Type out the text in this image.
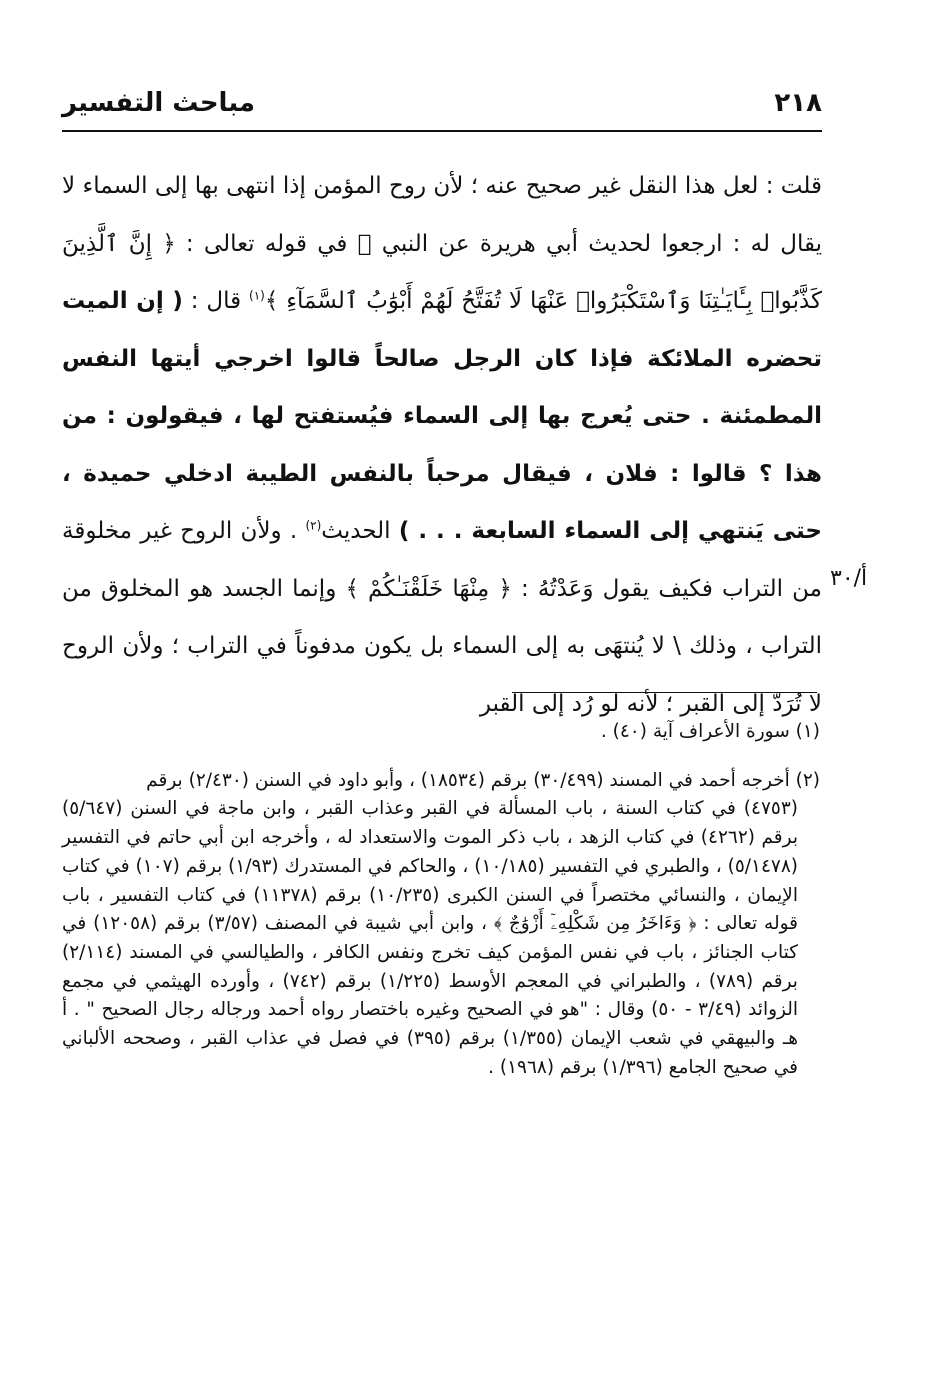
مباحث التفسير	٢١٨

قلت : لعل هذا النقل غير صحيح عنه ؛ لأن روح المؤمن إذا انتهى بها إلى السماء لا يقال له : ارجعوا لحديث أبي هريرة عن النبي ﷺ في قوله تعالى : ﴿ إِنَّ ٱلَّذِينَ كَذَّبُوا۟ بِـَٔايَـٰتِنَا وَٱسْتَكْبَرُوا۟ عَنْهَا لَا تُفَتَّحُ لَهُمْ أَبْوَٰبُ ٱلسَّمَآءِ ﴾$^{(١)}$ قال : ( إن الميت تحضره الملائكة فإذا كان الرجل صالحاً قالوا اخرجي أيتها النفس المطمئنة . حتى يُعرج بها إلى السماء فيُستفتح لها ، فيقولون : من هذا ؟ قالوا : فلان ، فيقال مرحباً بالنفس الطيبة ادخلي حميدة ، حتى يَنتهي إلى السماء السابعة . . . ) الحديث$^{(٢)}$ . ولأن الروح غير مخلوقة من التراب فكيف يقول وَعَدْتُهُ : ﴿ مِنْهَا خَلَقْنَـٰكُمْ ﴾ وإنما الجسد هو المخلوق من التراب ، وذلك \ لا يُنتهَى به إلى السماء بل يكون مدفوناً في التراب ؛ ولأن الروح لا تُرَدّ إلى القبر ؛ لأنه لو رُد إلى القبر

أ/٣٠

(١) سورة الأعراف آية (٤٠) .

(٢) أخرجه أحمد في المسند (٣٠/٤٩٩) برقم (١٨٥٣٤) ، وأبو داود في السنن (٢/٤٣٠) برقم

(٤٧٥٣) في كتاب السنة ، باب المسألة في القبر وعذاب القبر ، وابن ماجة في السنن (٥/٦٤٧) برقم (٤٢٦٢) في كتاب الزهد ، باب ذكر الموت والاستعداد له ، وأخرجه ابن أبي حاتم في التفسير (٥/١٤٧٨) ، والطبري في التفسير (١٠/١٨٥) ، والحاكم في المستدرك (١/٩٣) برقم (١٠٧) في كتاب الإيمان ، والنسائي مختصراً في السنن الكبرى (١٠/٢٣٥) برقم (١١٣٧٨) في كتاب التفسير ، باب قوله تعالى : ﴿ وَءَاخَرُ مِن شَكْلِهِۦٓ أَزْوَٰجٌ ﴾ ، وابن أبي شيبة في المصنف (٣/٥٧) برقم (١٢٠٥٨) في كتاب الجنائز ، باب في نفس المؤمن كيف تخرج ونفس الكافر ، والطيالسي في المسند (٢/١١٤) برقم (٧٨٩) ، والطبراني في المعجم الأوسط (١/٢٢٥) برقم (٧٤٢) ، وأورده الهيثمي في مجمع الزوائد (٣/٤٩ - ٥٠) وقال : "هو في الصحيح وغيره باختصار رواه أحمد ورجاله رجال الصحيح " . أ هـ والبيهقي في شعب الإيمان (١/٣٥٥) برقم (٣٩٥) في فصل في عذاب القبر ، وصححه الألباني في صحيح الجامع (١/٣٩٦) برقم (١٩٦٨) .
